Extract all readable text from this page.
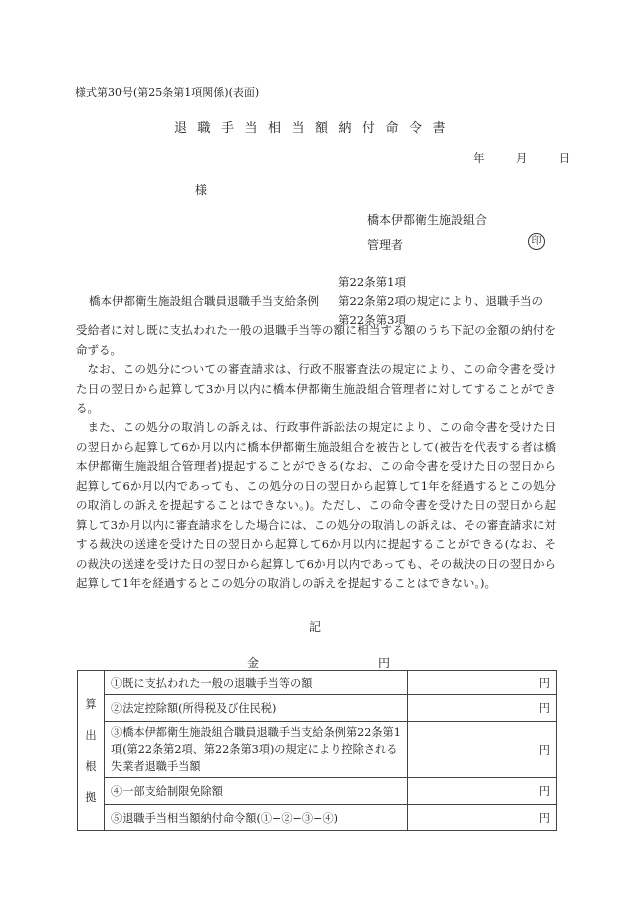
様式第30号(第25条第1項関係)(表面)
退職手当相当額納付命令書
年	月	日
様
橋本伊都衛生施設組合
管理者	印
第22条第1項
橋本伊都衛生施設組合職員退職手当支給条例 第22条第2項 の規定により、退職手当の
第22条第3項
受給者に対し既に支払われた一般の退職手当等の額に相当する額のうち下記の金額の納付を命ずる。
なお、この処分についての審査請求は、行政不服審査法の規定により、この命令書を受けた日の翌日から起算して3か月以内に橋本伊都衛生施設組合管理者に対してすることができる。
また、この処分の取消しの訴えは、行政事件訴訟法の規定により、この命令書を受けた日の翌日から起算して6か月以内に橋本伊都衛生施設組合を被告として(被告を代表する者は橋本伊都衛生施設組合管理者)提起することができる(なお、この命令書を受けた日の翌日から起算して6か月以内であっても、この処分の日の翌日から起算して1年を経過するとこの処分の取消しの訴えを提起することはできない。)。ただし、この命令書を受けた日の翌日から起算して3か月以内に審査請求をした場合には、この処分の取消しの訴えは、その審査請求に対する裁決の送達を受けた日の翌日から起算して6か月以内に提起することができる(なお、その裁決の送達を受けた日の翌日から起算して6か月以内であっても、その裁決の日の翌日から起算して1年を経過するとこの処分の取消しの訴えを提起することはできない。)。
記
金	円
算
出
根
拠	①既に支払われた一般の退職手当等の額	円
	②法定控除額(所得税及び住民税)	円
	③橋本伊都衛生施設組合職員退職手当支給条例第22条第1項(第22条第2項、第22条第3項)の規定により控除される失業者退職手当額	円
	④一部支給制限免除額	円
	⑤退職手当相当額納付命令額(①−②−③−④)	円
